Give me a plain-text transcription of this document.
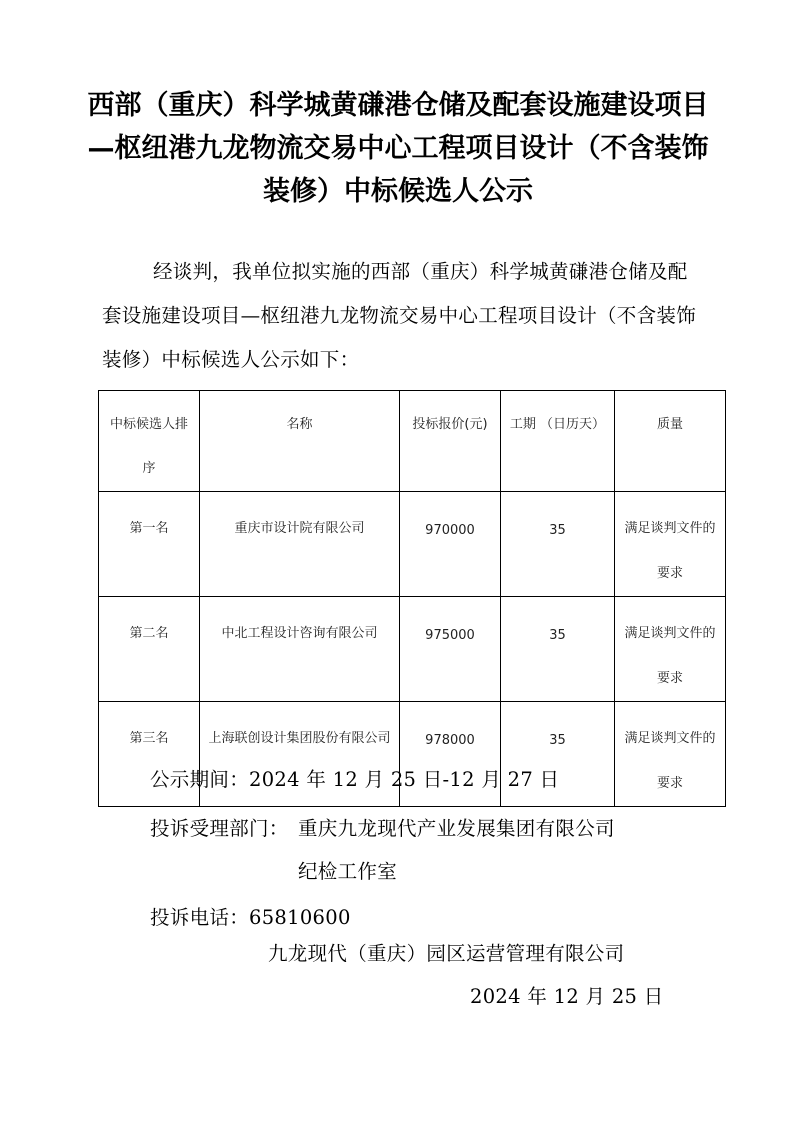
西部（重庆）科学城黄磏港仓储及配套设施建设项目—枢纽港九龙物流交易中心工程项目设计（不含装饰装修）中标候选人公示
经谈判，我单位拟实施的西部（重庆）科学城黄磏港仓储及配套设施建设项目—枢纽港九龙物流交易中心工程项目设计（不含装饰装修）中标候选人公示如下：
中标候选人排序	名称	投标报价(元)	工期 （日历天）	质量
第一名	重庆市设计院有限公司	970000	35	满足谈判文件的要求
第二名	中北工程设计咨询有限公司	975000	35	满足谈判文件的要求
第三名	上海联创设计集团股份有限公司	978000	35	满足谈判文件的要求
公示期间：2024 年 12 月 25 日-12 月 27 日
投诉受理部门： 重庆九龙现代产业发展集团有限公司
纪检工作室
投诉电话：65810600
九龙现代（重庆）园区运营管理有限公司
2024 年 12 月 25 日
